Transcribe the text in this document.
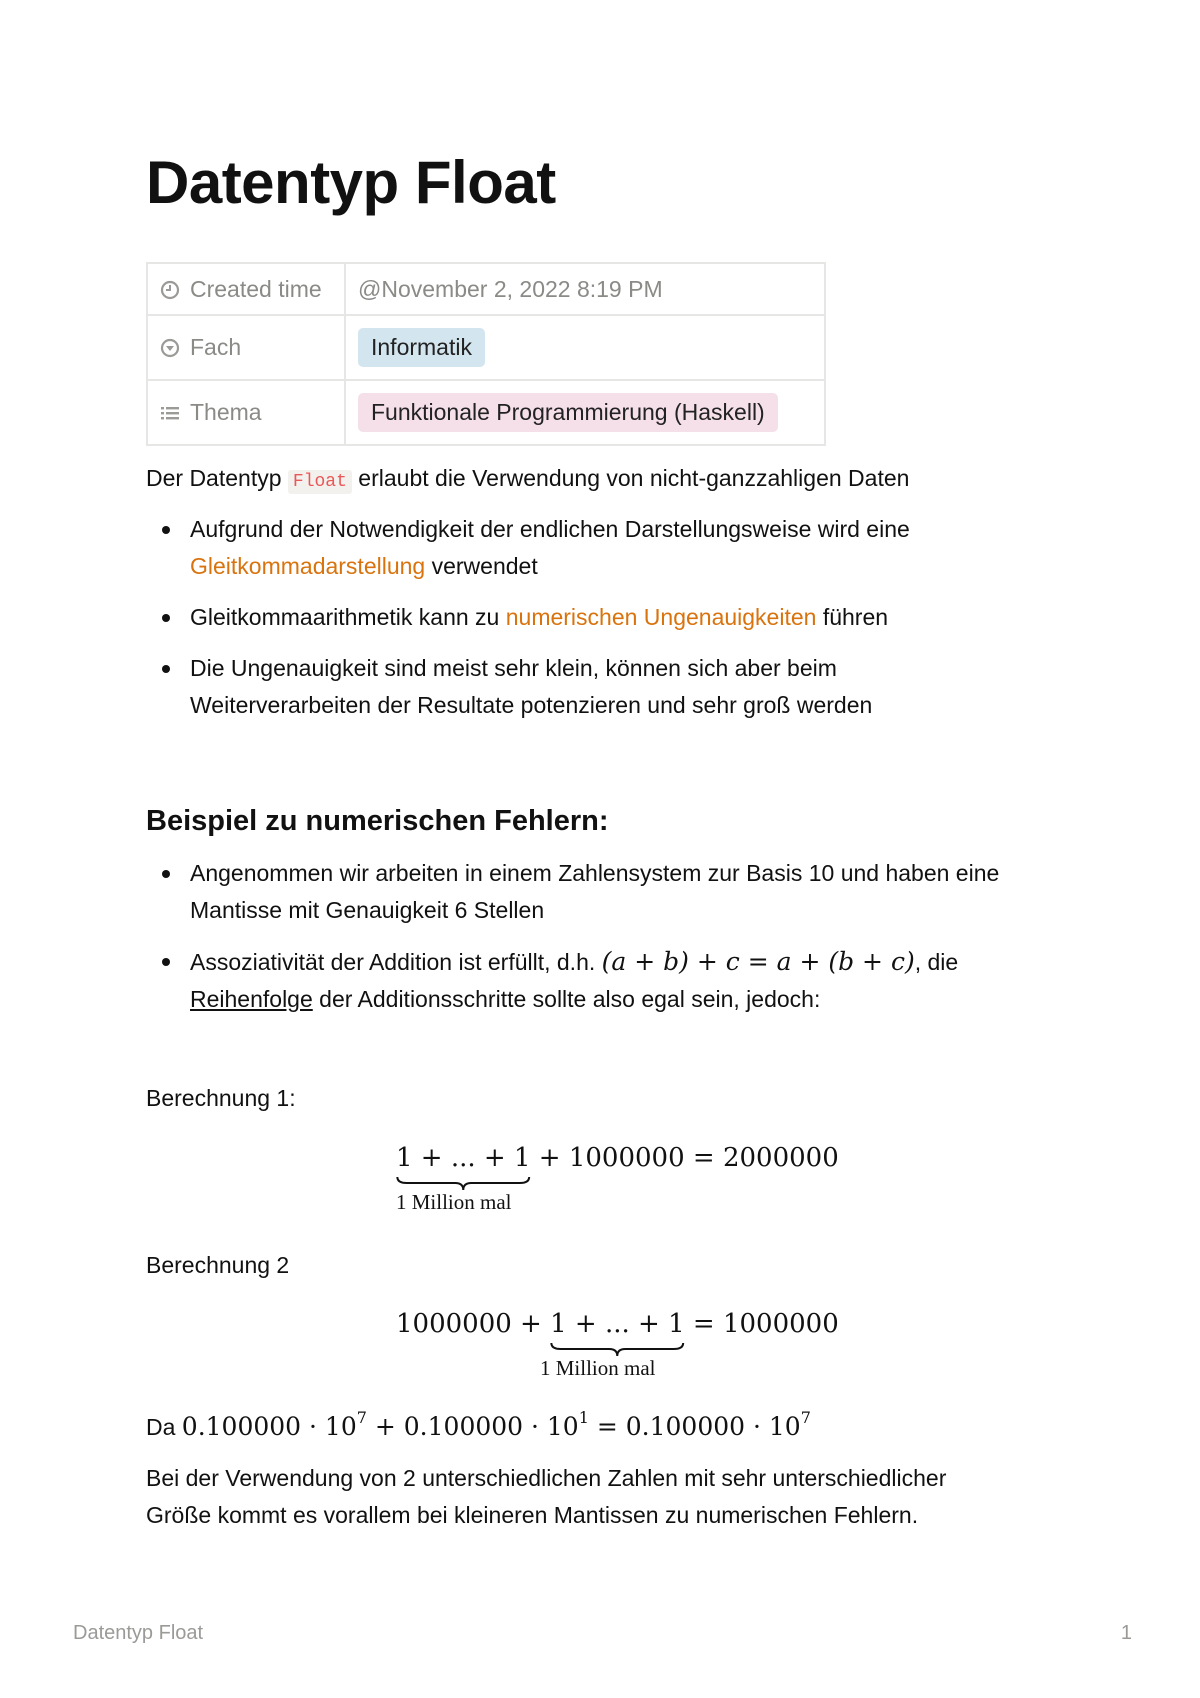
Datentyp Float
Created time	@November 2, 2022 8:19 PM
Fach	Informatik
Thema	Funktionale Programmierung (Haskell)
Der Datentyp Float erlaubt die Verwendung von nicht-ganzzahligen Daten
Aufgrund der Notwendigkeit der endlichen Darstellungsweise wird eine
Gleitkommadarstellung verwendet
Gleitkommaarithmetik kann zu numerischen Ungenauigkeiten führen
Die Ungenauigkeit sind meist sehr klein, können sich aber beim Weiterverarbeiten der Resultate potenzieren und sehr groß werden
Beispiel zu numerischen Fehlern:
Angenommen wir arbeiten in einem Zahlensystem zur Basis 10 und haben eine Mantisse mit Genauigkeit 6 Stellen
Assoziativität der Addition ist erfüllt, d.h. (a + b) + c = a + (b + c), die
Reihenfolge der Additionsschritte sollte also egal sein, jedoch:
Berechnung 1:
1 + ... + 1
+ 1000000 = 2000000
1 Million mal
Berechnung 2
1000000 + 1 + ... + 1
= 1000000
1 Million mal
Da $0.100000 \cdot 10^7 + 0.100000 \cdot 10^1 = 0.100000 \cdot 10^7$
Bei der Verwendung von 2 unterschiedlichen Zahlen mit sehr unterschiedlicher Größe kommt es vorallem bei kleineren Mantissen zu numerischen Fehlern.
Datentyp Float	1
